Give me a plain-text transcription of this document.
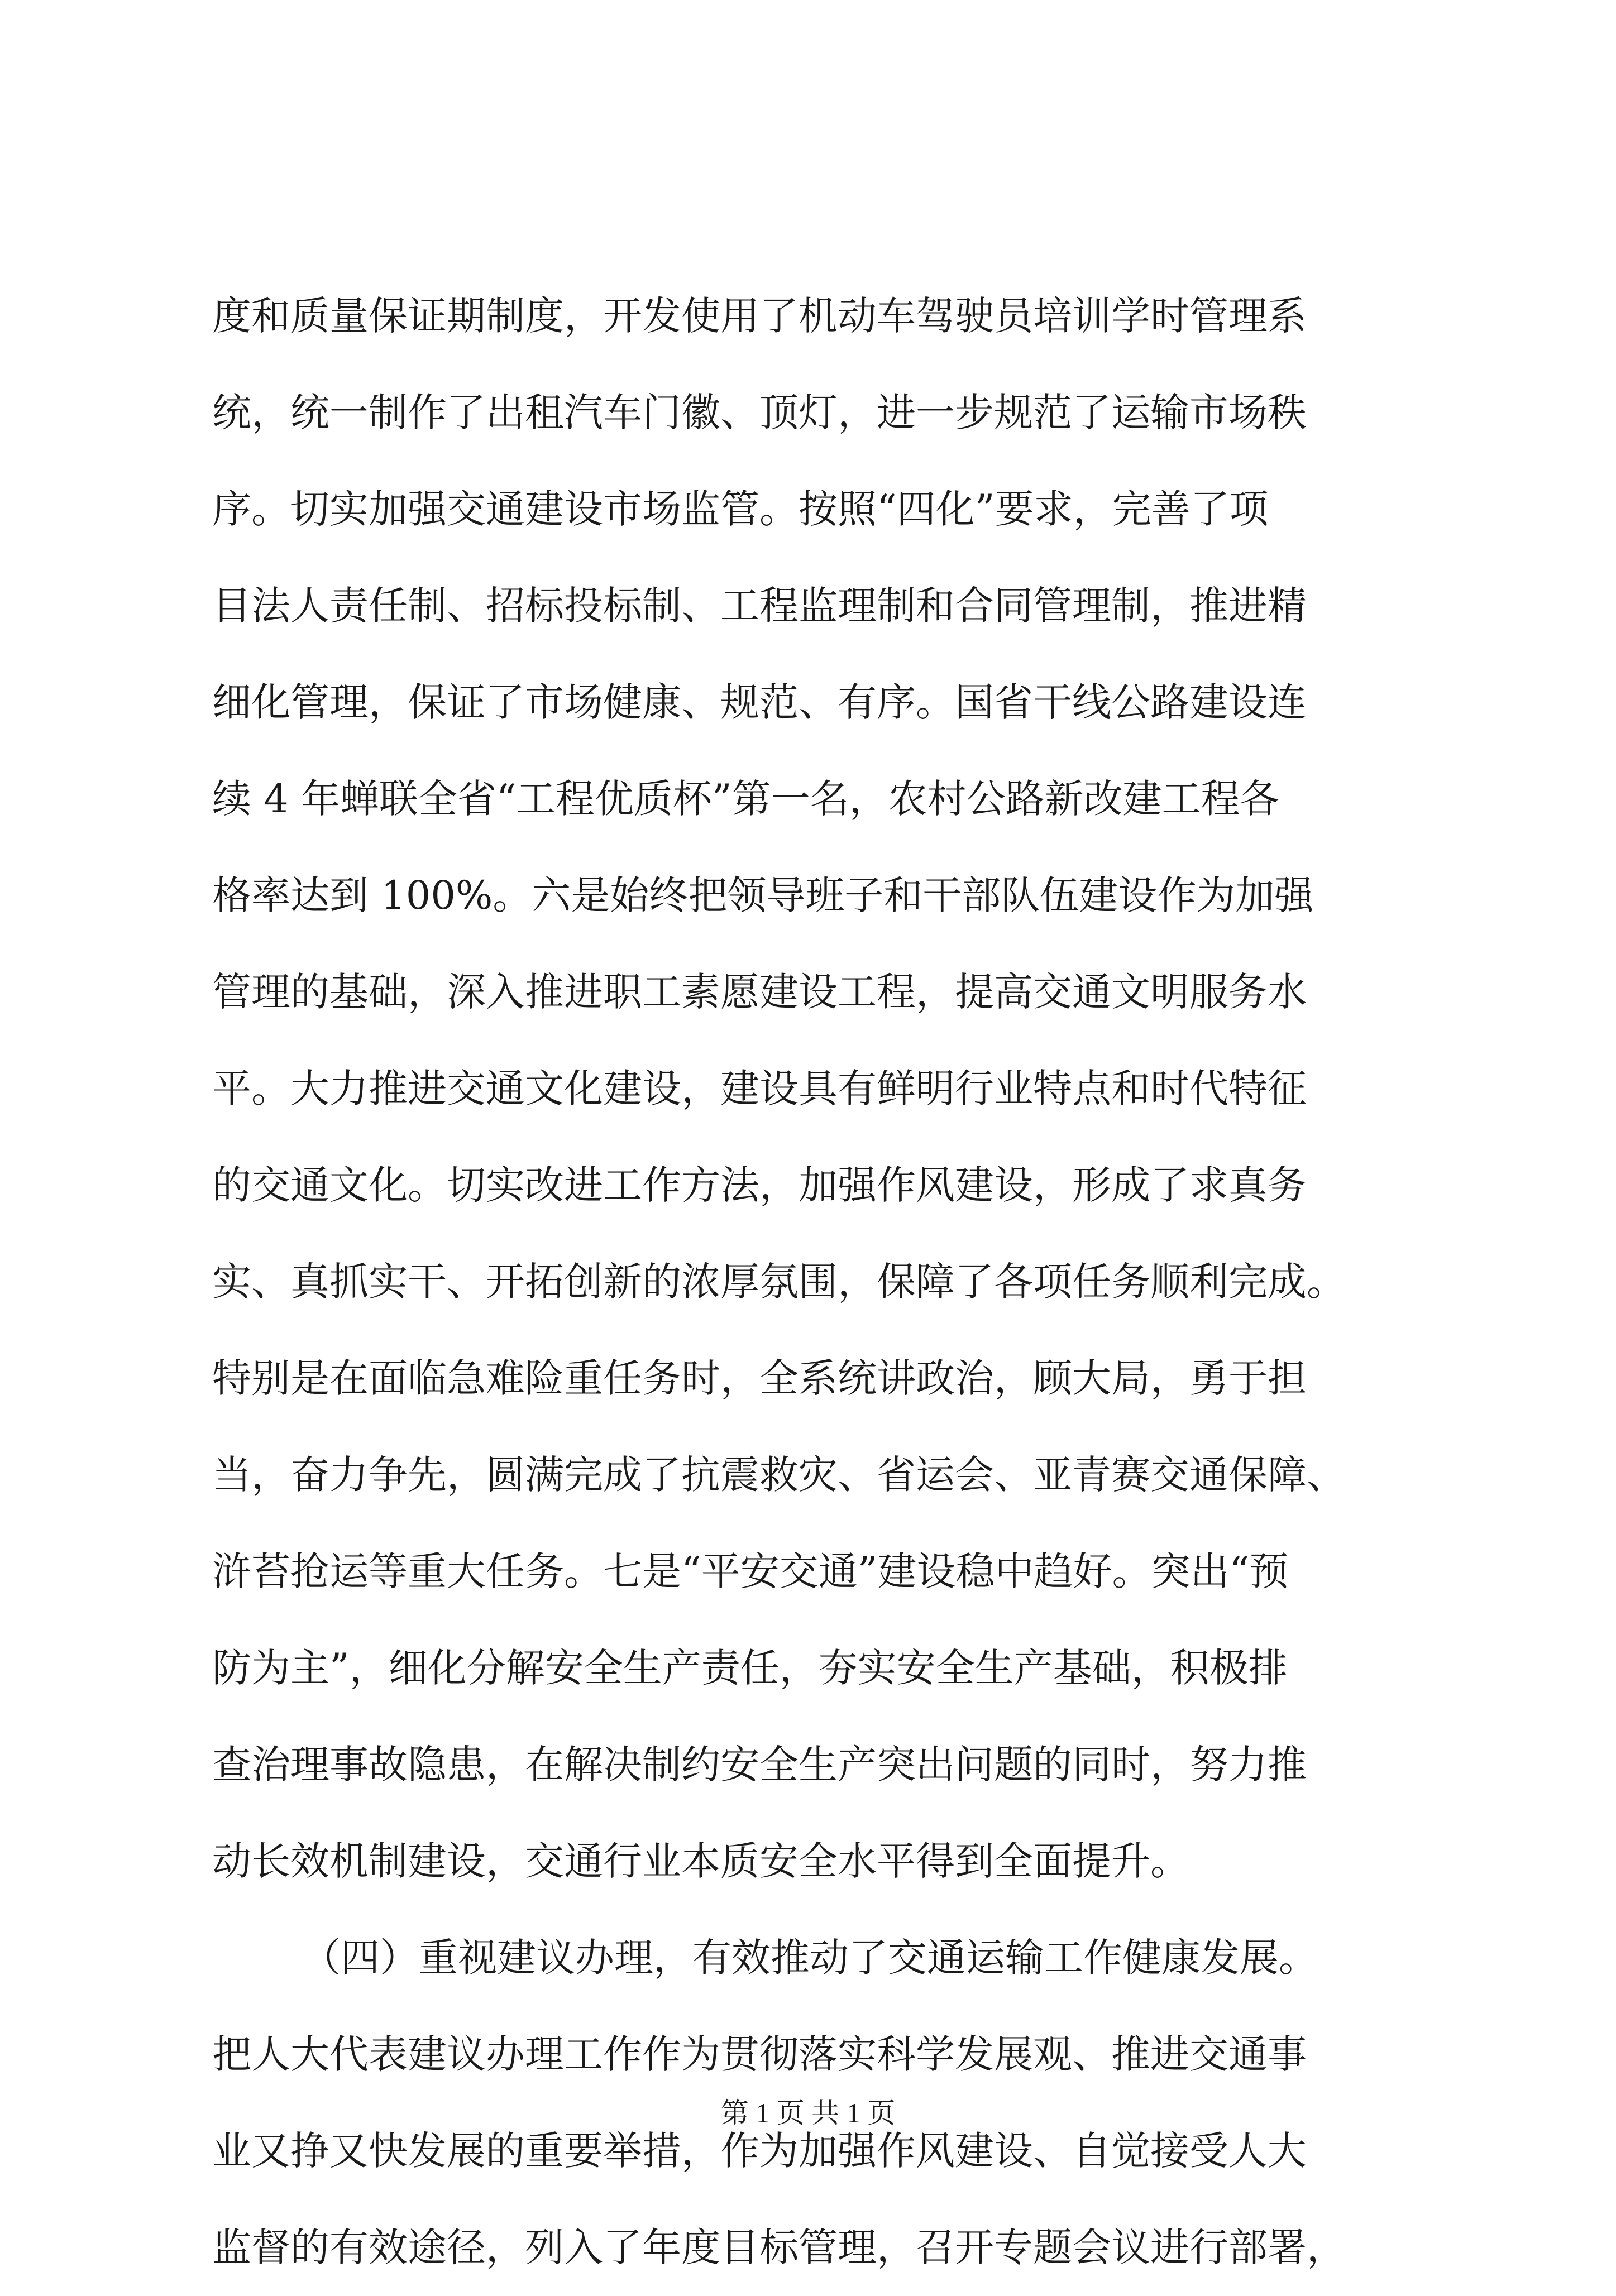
度和质量保证期制度，开发使用了机动车驾驶员培训学时管理系
统，统一制作了出租汽车门徽、顶灯，进一步规范了运输市场秩
序。切实加强交通建设市场监管。按照“四化”要求，完善了项
目法人责任制、招标投标制、工程监理制和合同管理制，推进精
细化管理，保证了市场健康、规范、有序。国省干线公路建设连
续 4 年蝉联全省“工程优质杯”第一名，农村公路新改建工程各
格率达到 100%。六是始终把领导班子和干部队伍建设作为加强
管理的基础，深入推进职工素愿建设工程，提高交通文明服务水
平。大力推进交通文化建设，建设具有鲜明行业特点和时代特征
的交通文化。切实改进工作方法，加强作风建设，形成了求真务
实、真抓实干、开拓创新的浓厚氛围，保障了各项任务顺利完成。
特别是在面临急难险重任务时，全系统讲政治，顾大局，勇于担
当，奋力争先，圆满完成了抗震救灾、省运会、亚青赛交通保障、
浒苔抢运等重大任务。七是“平安交通”建设稳中趋好。突出“预
防为主”，细化分解安全生产责任，夯实安全生产基础，积极排
查治理事故隐患，在解决制约安全生产突出问题的同时，努力推
动长效机制建设，交通行业本质安全水平得到全面提升。
（四）重视建议办理，有效推动了交通运输工作健康发展。
把人大代表建议办理工作作为贯彻落实科学发展观、推进交通事
业又挣又快发展的重要举措，作为加强作风建设、自觉接受人大
监督的有效途径，列入了年度目标管理，召开专题会议进行部署，
第 1 页 共 1 页
